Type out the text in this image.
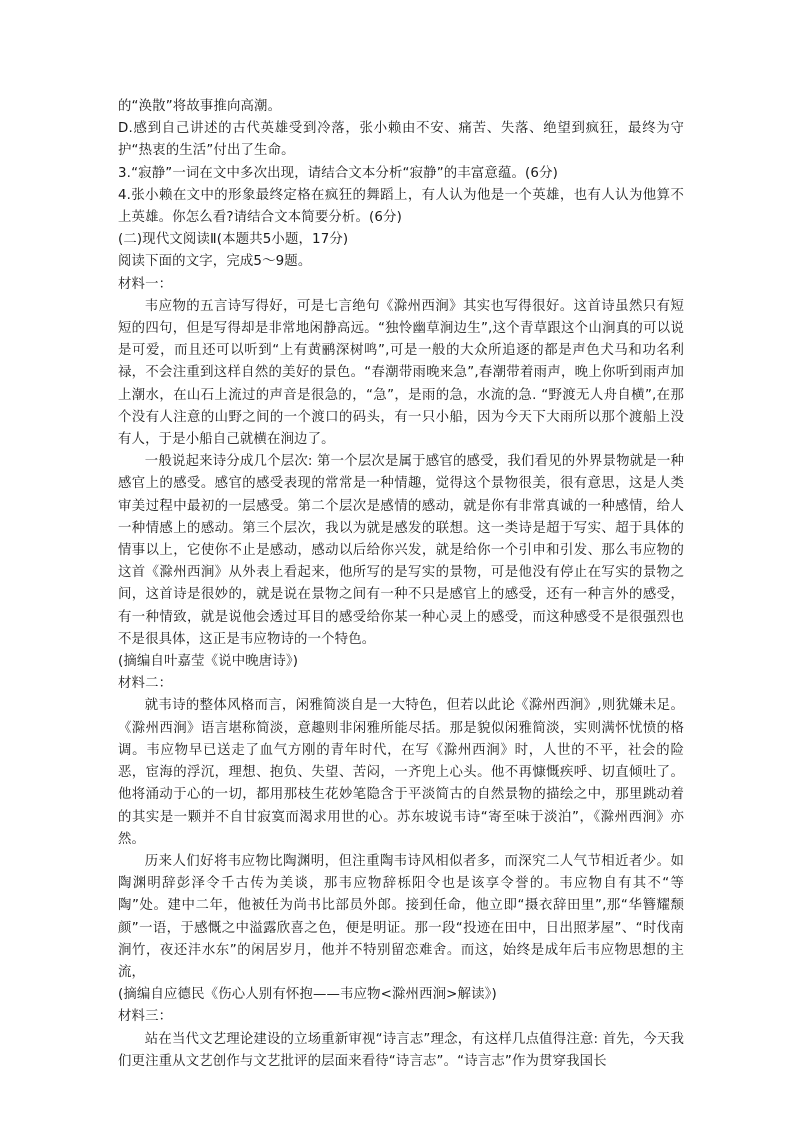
的“涣散”将故事推向高潮。

D.感到自己讲述的古代英雄受到冷落，张小赖由不安、痛苦、失落、绝望到疯狂，最终为守护“热衷的生活”付出了生命。

3.“寂静”一词在文中多次出现，请结合文本分析“寂静”的丰富意蕴。(6分)

4.张小赖在文中的形象最终定格在疯狂的舞蹈上，有人认为他是一个英雄，也有人认为他算不上英雄。你怎么看?请结合文本简要分析。(6分)

(二)现代文阅读Ⅱ(本题共5小题，17分)

阅读下面的文字，完成5～9题。

材料一：

韦应物的五言诗写得好，可是七言绝句《滁州西涧》其实也写得很好。这首诗虽然只有短短的四句，但是写得却是非常地闲静高远。“独怜幽草涧边生”,这个青草跟这个山涧真的可以说是可爱，而且还可以听到“上有黄鹂深树鸣”,可是一般的大众所追逐的都是声色犬马和功名利禄，不会注重到这样自然的美好的景色。“春潮带雨晚来急”,春潮带着雨声，晚上你听到雨声加上潮水，在山石上流过的声音是很急的，“急”，是雨的急，水流的急. “野渡无人舟自横”,在那个没有人注意的山野之间的一个渡口的码头，有一只小船，因为今天下大雨所以那个渡船上没有人，于是小船自己就横在涧边了。

一般说起来诗分成几个层次: 第一个层次是属于感官的感受，我们看见的外界景物就是一种感官上的感受。感官的感受表现的常常是一种情趣，觉得这个景物很美，很有意思，这是人类审美过程中最初的一层感受。第二个层次是感情的感动，就是你有非常真诚的一种感情，给人一种情感上的感动。第三个层次，我以为就是感发的联想。这一类诗是超于写实、超于具体的情事以上，它使你不止是感动，感动以后给你兴发，就是给你一个引申和引发、那么韦应物的这首《滁州西涧》从外表上看起来，他所写的是写实的景物，可是他没有停止在写实的景物之间，这首诗是很妙的，就是说在景物之间有一种不只是感官上的感受，还有一种言外的感受，有一种情致，就是说他会透过耳目的感受给你某一种心灵上的感受，而这种感受不是很强烈也不是很具体，这正是韦应物诗的一个特色。

(摘编自叶嘉莹《说中晚唐诗》)

材料二：

就韦诗的整体风格而言，闲雅简淡自是一大特色，但若以此论《滁州西涧》,则犹嫌未足。《滁州西涧》语言堪称简淡，意趣则非闲雅所能尽括。那是貌似闲雅简淡，实则满怀忧愤的格调。韦应物早已送走了血气方刚的青年时代，在写《滁州西涧》时，人世的不平，社会的险恶，宦海的浮沉，理想、抱负、失望、苦闷，一齐兜上心头。他不再慷慨疾呼、切直倾吐了。他将涌动于心的一切，都用那枝生花妙笔隐含于平淡简古的自然景物的描绘之中，那里跳动着的其实是一颗并不自甘寂寞而渴求用世的心。苏东坡说韦诗“寄至味于淡泊”，《滁州西涧》亦然。

历来人们好将韦应物比陶渊明，但注重陶韦诗风相似者多，而深究二人气节相近者少。如陶渊明辞彭泽令千古传为美谈，那韦应物辞栎阳令也是该享令誉的。韦应物自有其不“等陶”处。建中二年，他被任为尚书比部员外郎。接到任命，他立即“摄衣辞田里”,那“华簪耀颓颜”一语，于感慨之中溢露欣喜之色，便是明证。那一段“投迹在田中，日出照茅屋”、“时伐南涧竹，夜还沣水东”的闲居岁月，他并不特别留恋难舍。而这，始终是成年后韦应物思想的主流，

(摘编自应德民《伤心人别有怀抱——韦应物<滁州西涧>解读》)

材料三：

站在当代文艺理论建设的立场重新审视“诗言志”理念，有这样几点值得注意: 首先，今天我们更注重从文艺创作与文艺批评的层面来看待“诗言志”。“诗言志”作为贯穿我国长
